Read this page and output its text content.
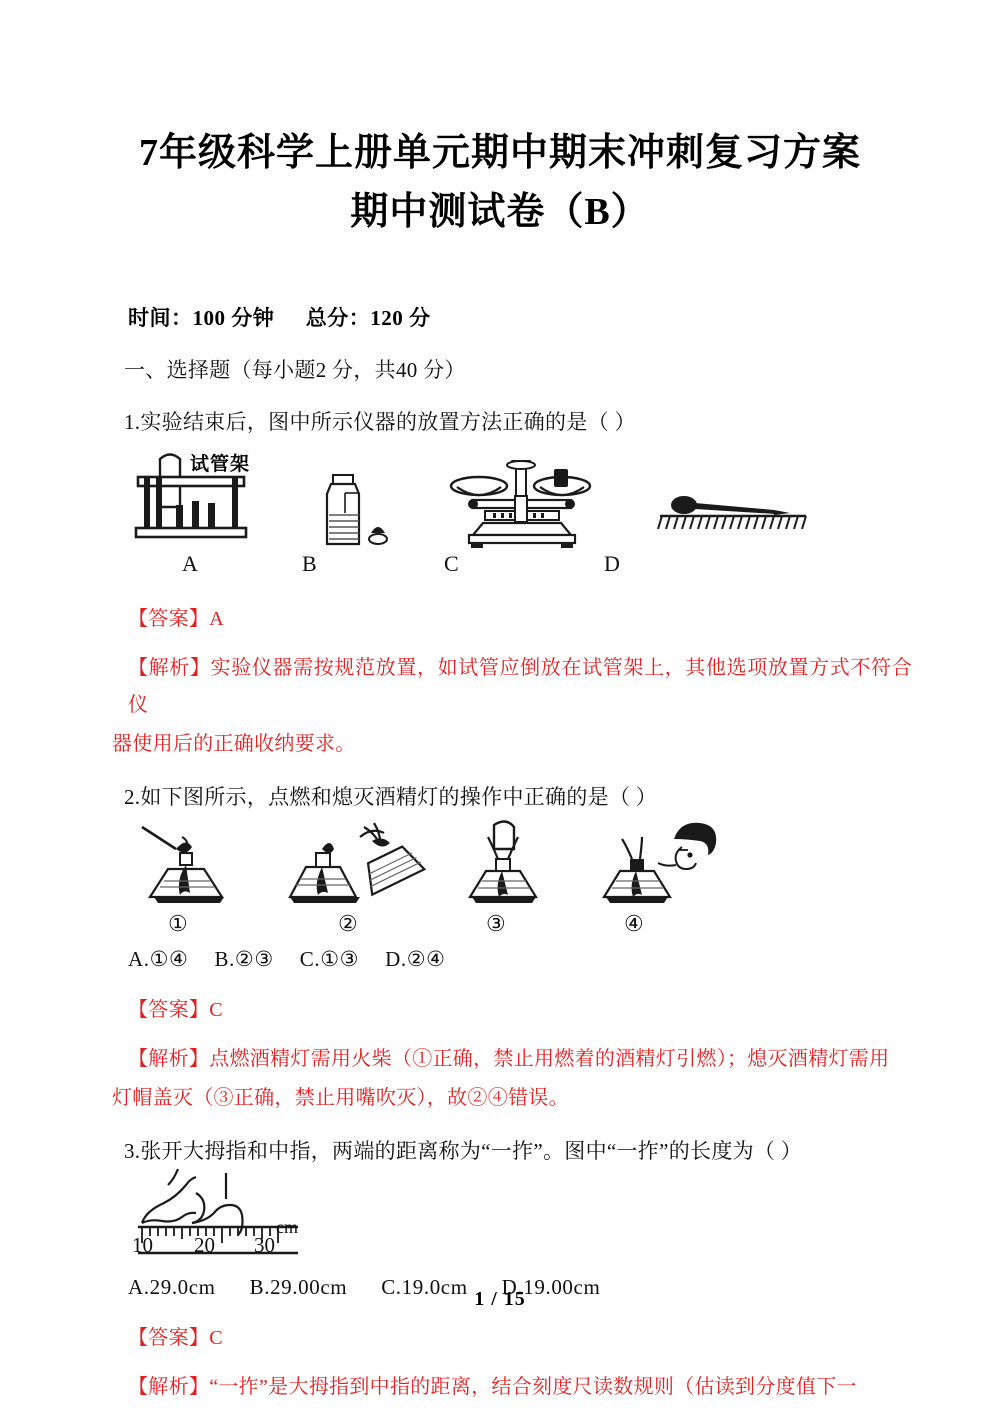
7年级科学上册单元期中期末冲刺复习方案
期中测试卷（B）
时间：100 分钟 总分：120 分
一、选择题（每小题2 分，共40 分）
1.实验结束后，图中所示仪器的放置方法正确的是（ ）
试管架
A	B	C	D
【答案】A
【解析】实验仪器需按规范放置，如试管应倒放在试管架上，其他选项放置方式不符合仪
器使用后的正确收纳要求。
2.如下图所示，点燃和熄灭酒精灯的操作中正确的是（ ）
①	②	③	④
A.①④ B.②③ C.①③ D.②④
【答案】C
【解析】点燃酒精灯需用火柴（①正确，禁止用燃着的酒精灯引燃）；熄灭酒精灯需用
灯帽盖灭（③正确，禁止用嘴吹灭），故②④错误。
3.张开大拇指和中指，两端的距离称为“一拃”。图中“一拃”的长度为（ ）
cm
10 20 30
A.29.0cm B.29.00cm C.19.0cm D.19.00cm
【答案】C
【解析】“一拃”是大拇指到中指的距离，结合刻度尺读数规则（估读到分度值下一
1 / 15
